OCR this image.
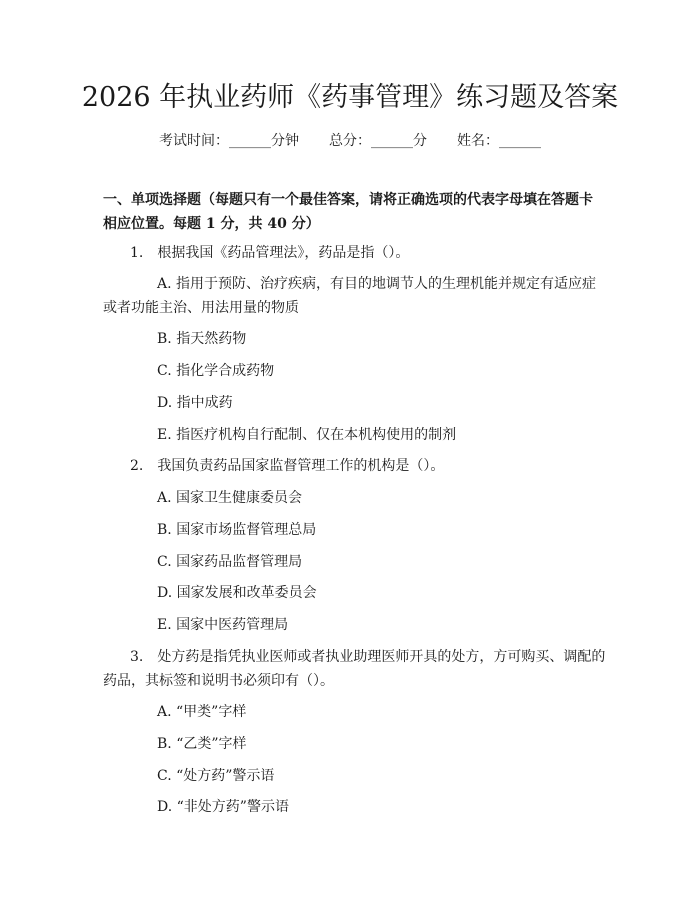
2026 年执业药师《药事管理》练习题及答案
考试时间：______分钟 总分：______分 姓名：______
一、单项选择题（每题只有一个最佳答案，请将正确选项的代表字母填在答题卡
相应位置。每题 1 分，共 40 分）
1.　根据我国《药品管理法》，药品是指（）。
A. 指用于预防、治疗疾病，有目的地调节人的生理机能并规定有适应症
或者功能主治、用法用量的物质
B. 指天然药物
C. 指化学合成药物
D. 指中成药
E. 指医疗机构自行配制、仅在本机构使用的制剂
2.　我国负责药品国家监督管理工作的机构是（）。
A. 国家卫生健康委员会
B. 国家市场监督管理总局
C. 国家药品监督管理局
D. 国家发展和改革委员会
E. 国家中医药管理局
3.　处方药是指凭执业医师或者执业助理医师开具的处方，方可购买、调配的
药品，其标签和说明书必须印有（）。
A. “甲类”字样
B. “乙类”字样
C. “处方药”警示语
D. “非处方药”警示语
